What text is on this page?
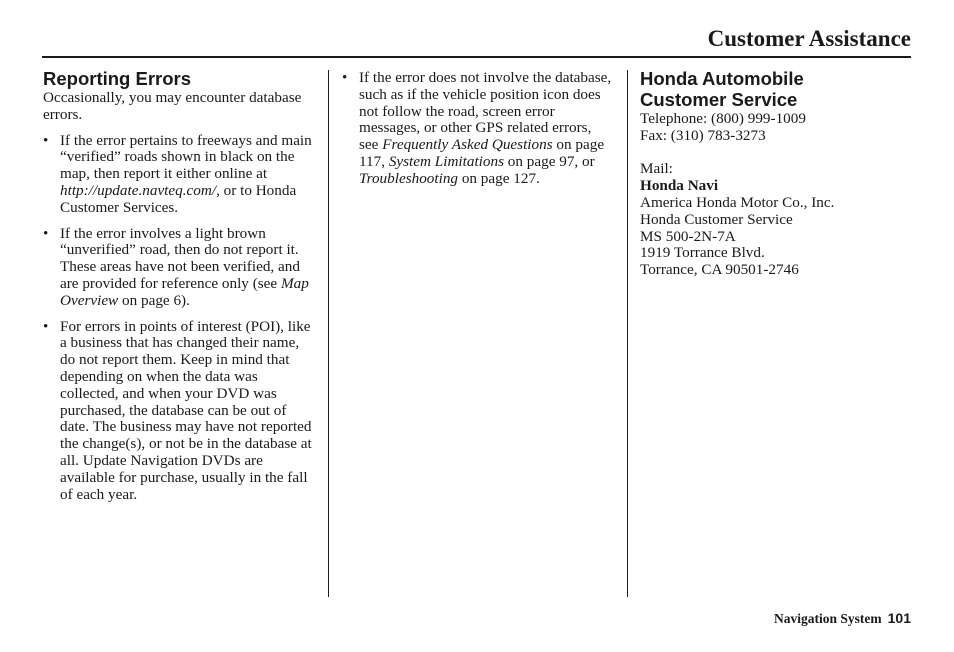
Customer Assistance
Reporting Errors
Occasionally, you may encounter database errors.
• If the error pertains to freeways and main “verified” roads shown in black on the map, then report it either online at http://update.navteq.com/, or to Honda Customer Services.
• If the error involves a light brown “unverified” road, then do not report it. These areas have not been verified, and are provided for reference only (see Map Overview on page 6).
• For errors in points of interest (POI), like a business that has changed their name, do not report them. Keep in mind that depending on when the data was collected, and when your DVD was purchased, the database can be out of date. The business may have not reported the change(s), or not be in the database at all. Update Navigation DVDs are available for purchase, usually in the fall of each year.
• If the error does not involve the database, such as if the vehicle position icon does not follow the road, screen error messages, or other GPS related errors, see Frequently Asked Questions on page 117, System Limitations on page 97, or Troubleshooting on page 127.
Honda Automobile
Customer Service
Telephone: (800) 999-1009
Fax: (310) 783-3273
Mail:
Honda Navi
America Honda Motor Co., Inc.
Honda Customer Service
MS 500-2N-7A
1919 Torrance Blvd.
Torrance, CA 90501-2746
Navigation System 101
